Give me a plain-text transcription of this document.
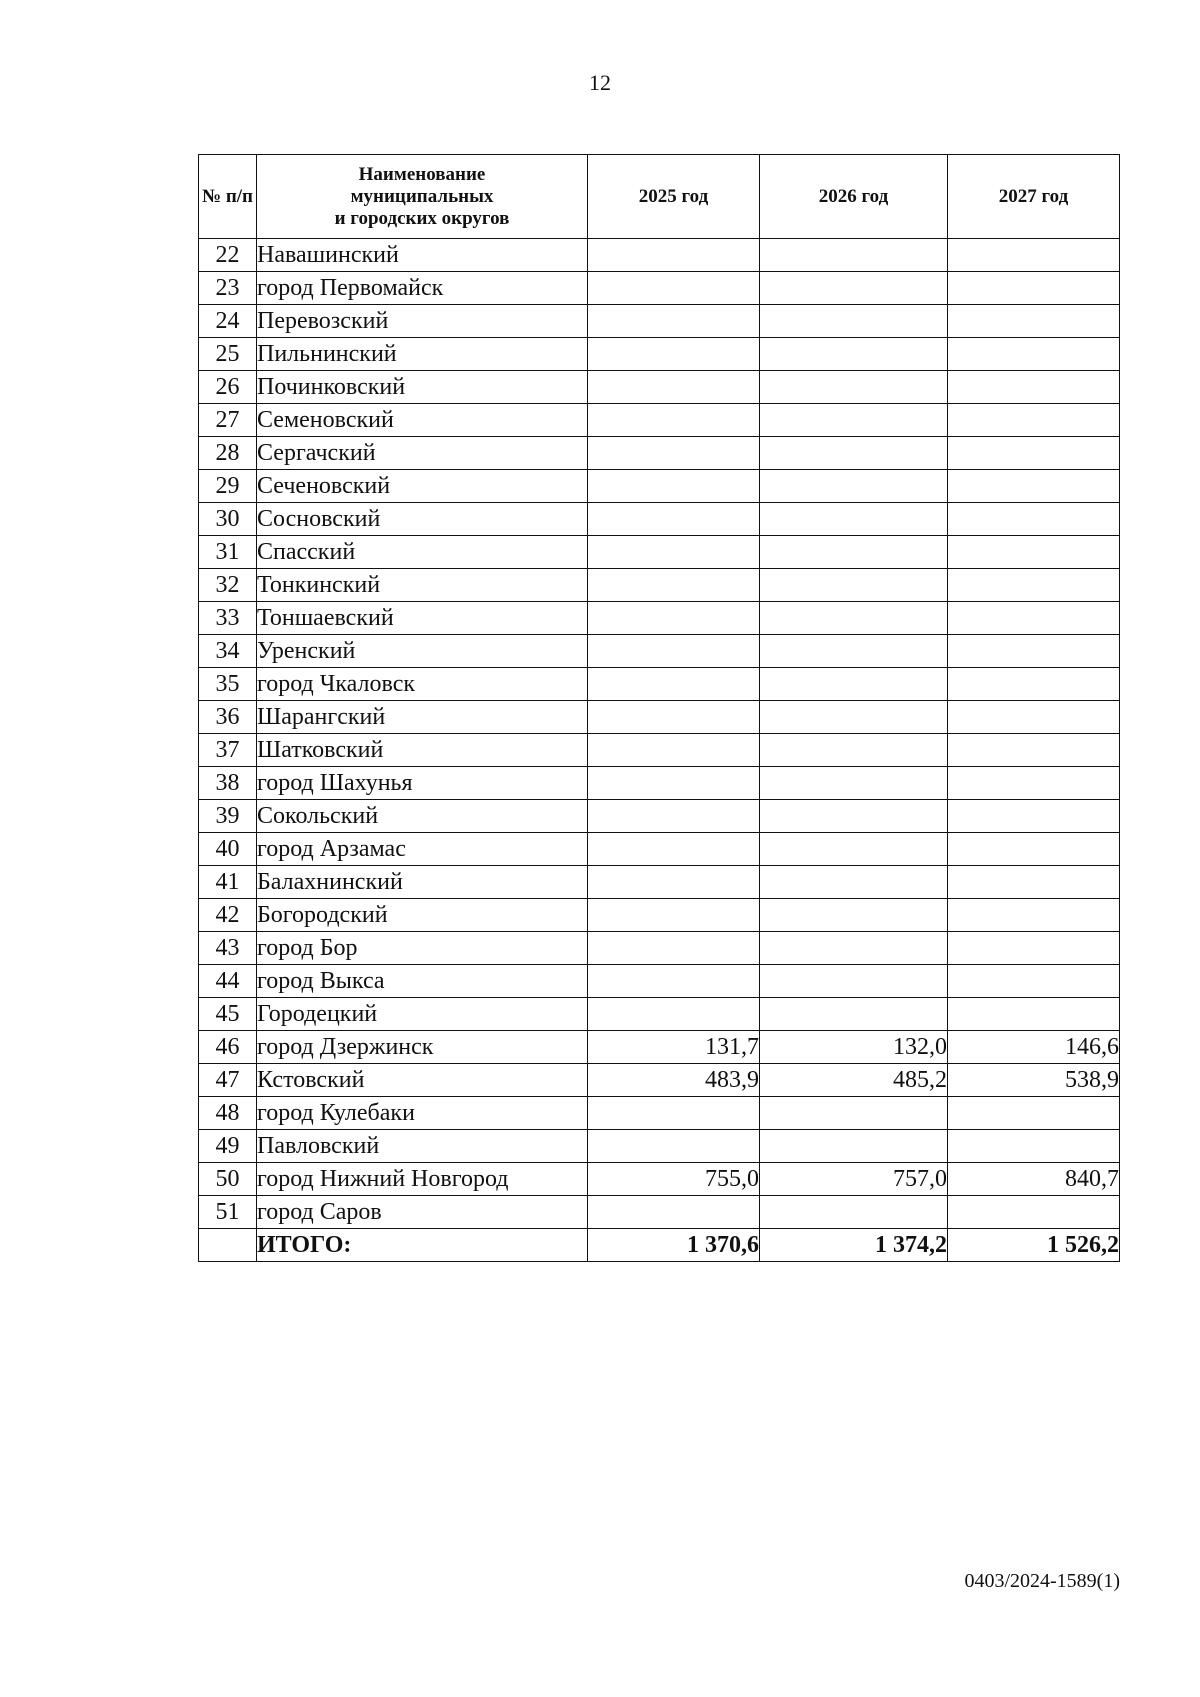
12
№ п/п	Наименование
муниципальных
и городских округов	2025 год	2026 год	2027 год
22	Навашинский			
23	город Первомайск			
24	Перевозский			
25	Пильнинский			
26	Починковский			
27	Семеновский			
28	Сергачский			
29	Сеченовский			
30	Сосновский			
31	Спасский			
32	Тонкинский			
33	Тоншаевский			
34	Уренский			
35	город Чкаловск			
36	Шарангский			
37	Шатковский			
38	город Шахунья			
39	Сокольский			
40	город Арзамас			
41	Балахнинский			
42	Богородский			
43	город Бор			
44	город Выкса			
45	Городецкий			
46	город Дзержинск	131,7	132,0	146,6
47	Кстовский	483,9	485,2	538,9
48	город Кулебаки			
49	Павловский			
50	город Нижний Новгород	755,0	757,0	840,7
51	город Саров			
	ИТОГО:	1 370,6	1 374,2	1 526,2
0403/2024-1589(1)
